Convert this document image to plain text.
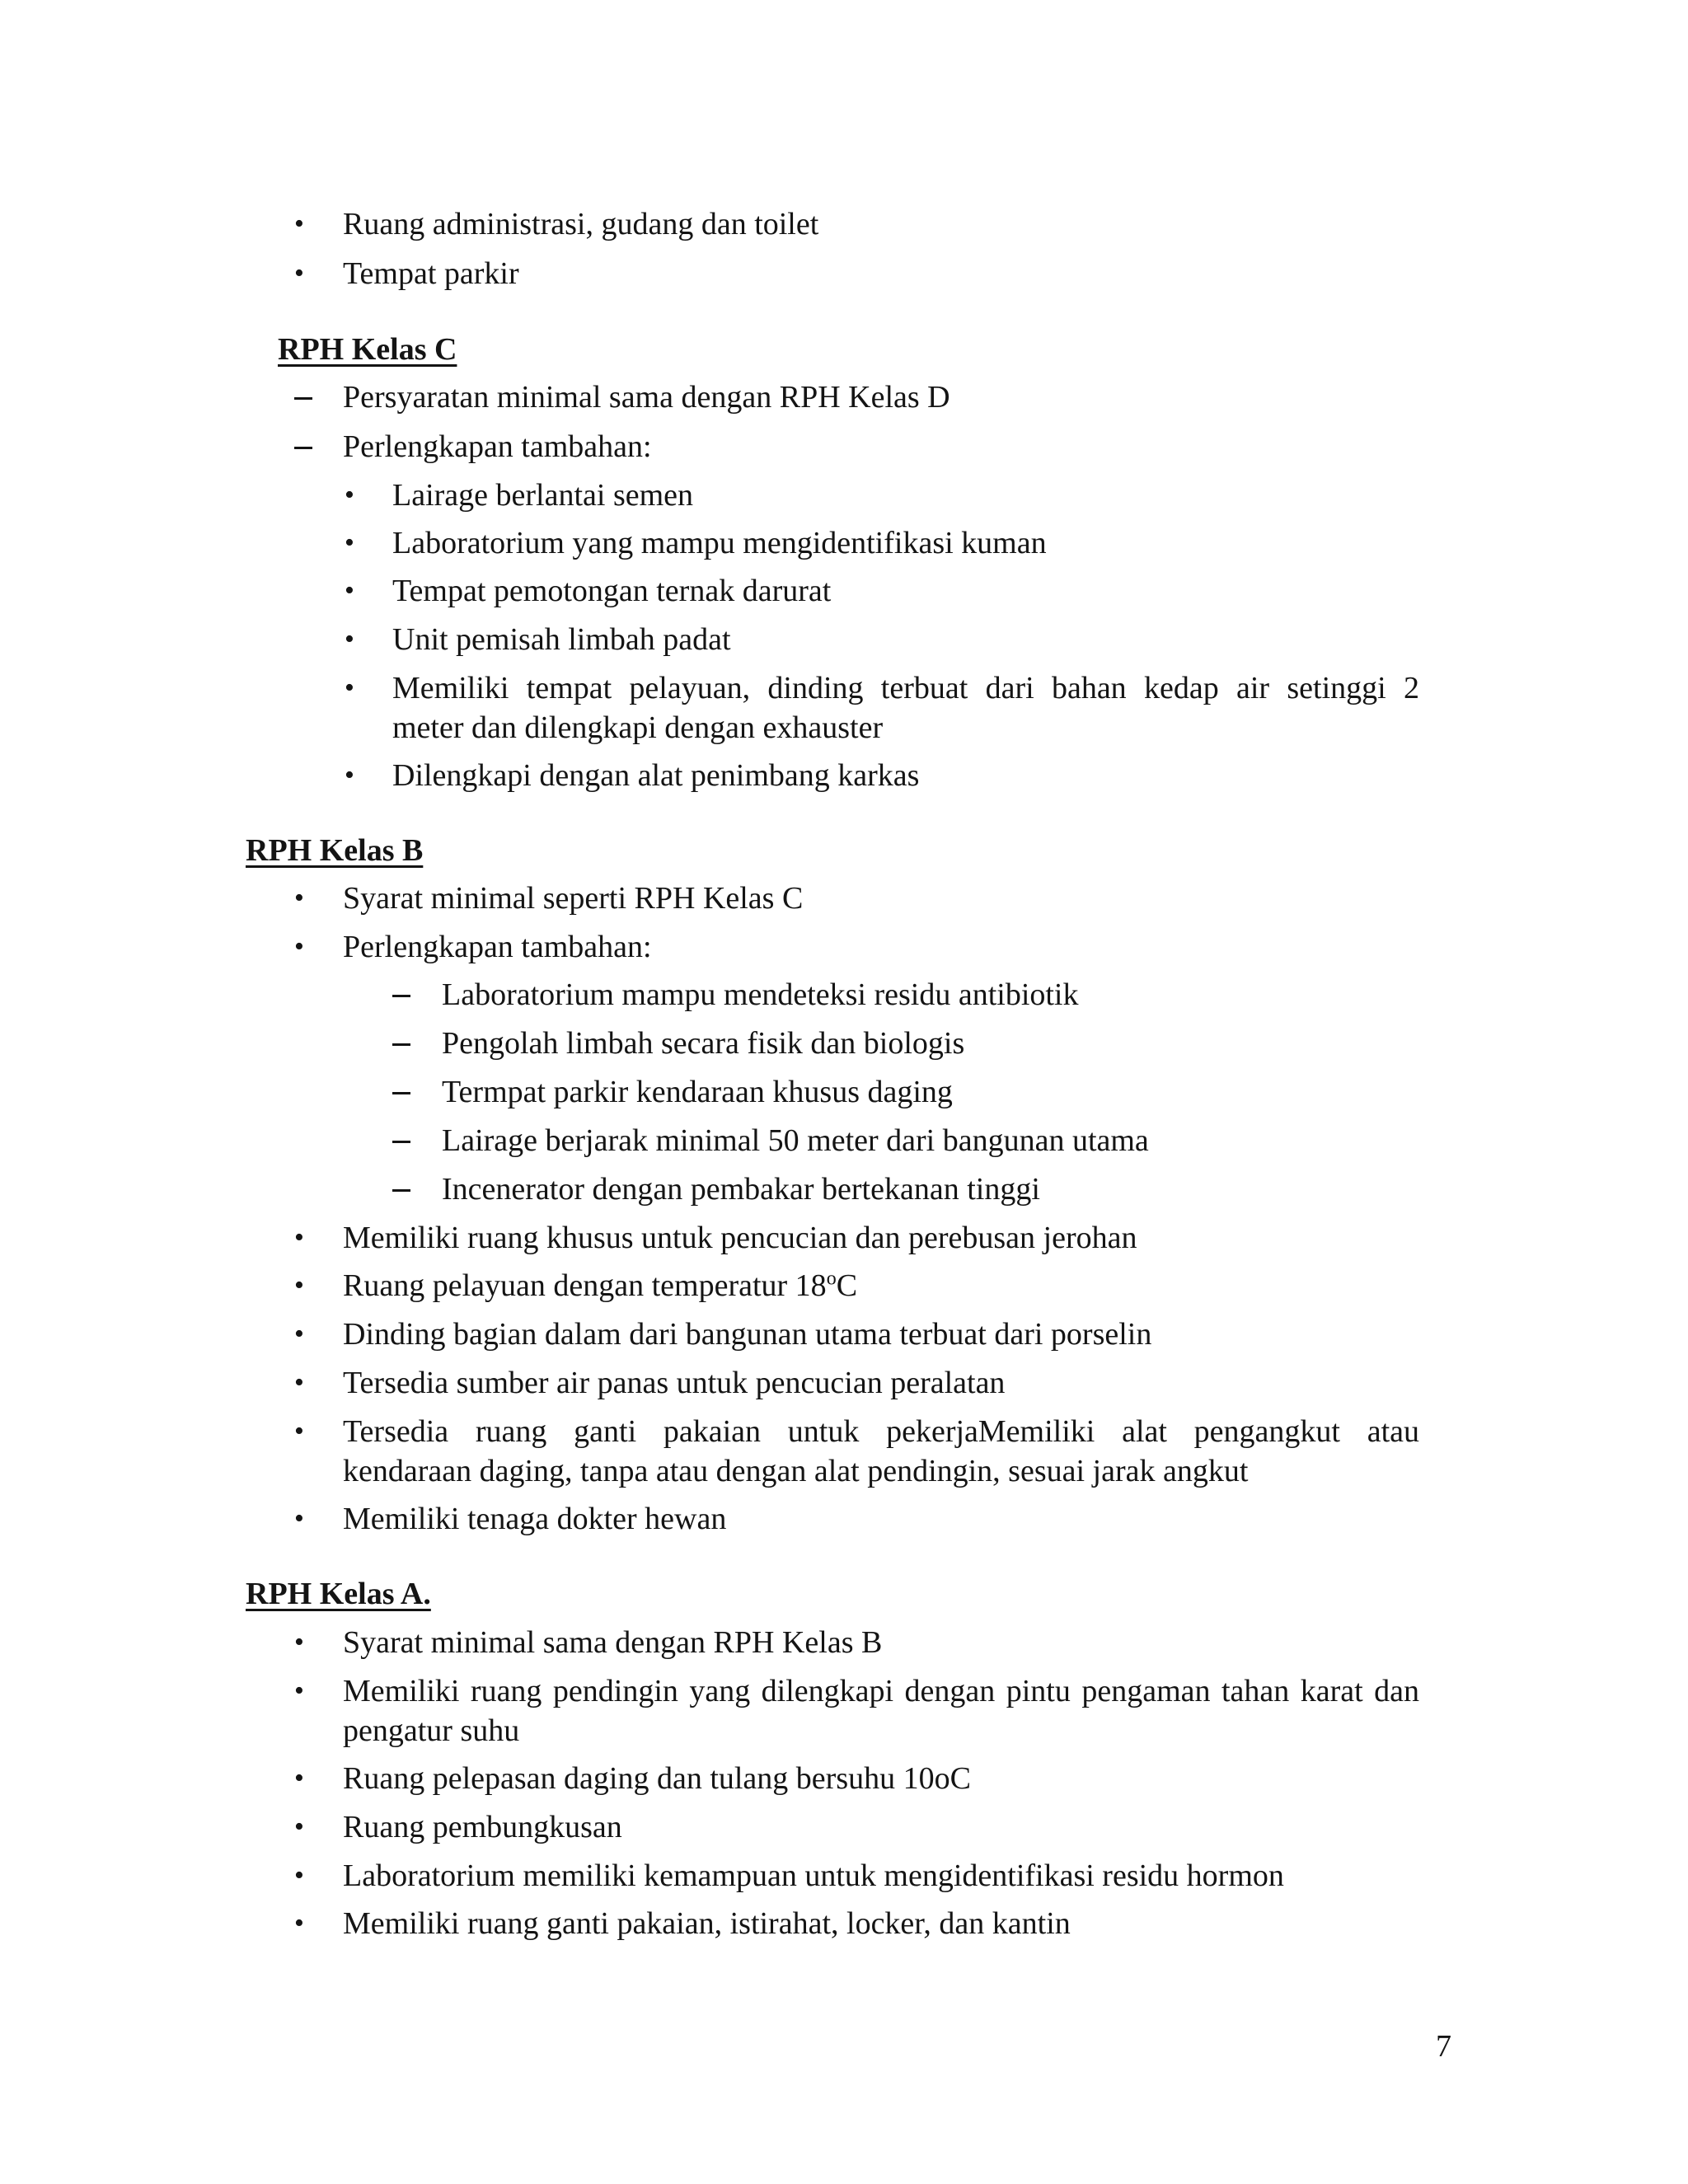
• Ruang administrasi, gudang dan toilet
• Tempat parkir
RPH Kelas C
Persyaratan minimal sama dengan RPH Kelas D
Perlengkapan tambahan:
• Lairage berlantai semen
• Laboratorium yang mampu mengidentifikasi kuman
• Tempat pemotongan ternak darurat
• Unit pemisah limbah padat
• Memiliki tempat pelayuan, dinding terbuat dari bahan kedap air setinggi 2
meter dan dilengkapi dengan exhauster
• Dilengkapi dengan alat penimbang karkas
RPH Kelas B
• Syarat minimal seperti RPH Kelas C
• Perlengkapan tambahan:
Laboratorium mampu mendeteksi residu antibiotik
Pengolah limbah secara fisik dan biologis
Termpat parkir kendaraan khusus daging
Lairage berjarak minimal 50 meter dari bangunan utama
Incenerator dengan pembakar bertekanan tinggi
• Memiliki ruang khusus untuk pencucian dan perebusan jerohan
• Ruang pelayuan dengan temperatur 18$^o$C
• Dinding bagian dalam dari bangunan utama terbuat dari porselin
• Tersedia sumber air panas untuk pencucian peralatan
• Tersedia ruang ganti pakaian untuk pekerjaMemiliki alat pengangkut atau
kendaraan daging, tanpa atau dengan alat pendingin, sesuai jarak angkut
• Memiliki tenaga dokter hewan
RPH Kelas A.
• Syarat minimal sama dengan RPH Kelas B
• Memiliki ruang pendingin yang dilengkapi dengan pintu pengaman tahan karat dan
pengatur suhu
• Ruang pelepasan daging dan tulang bersuhu 10oC
• Ruang pembungkusan
• Laboratorium memiliki kemampuan untuk mengidentifikasi residu hormon
• Memiliki ruang ganti pakaian, istirahat, locker, dan kantin
7
